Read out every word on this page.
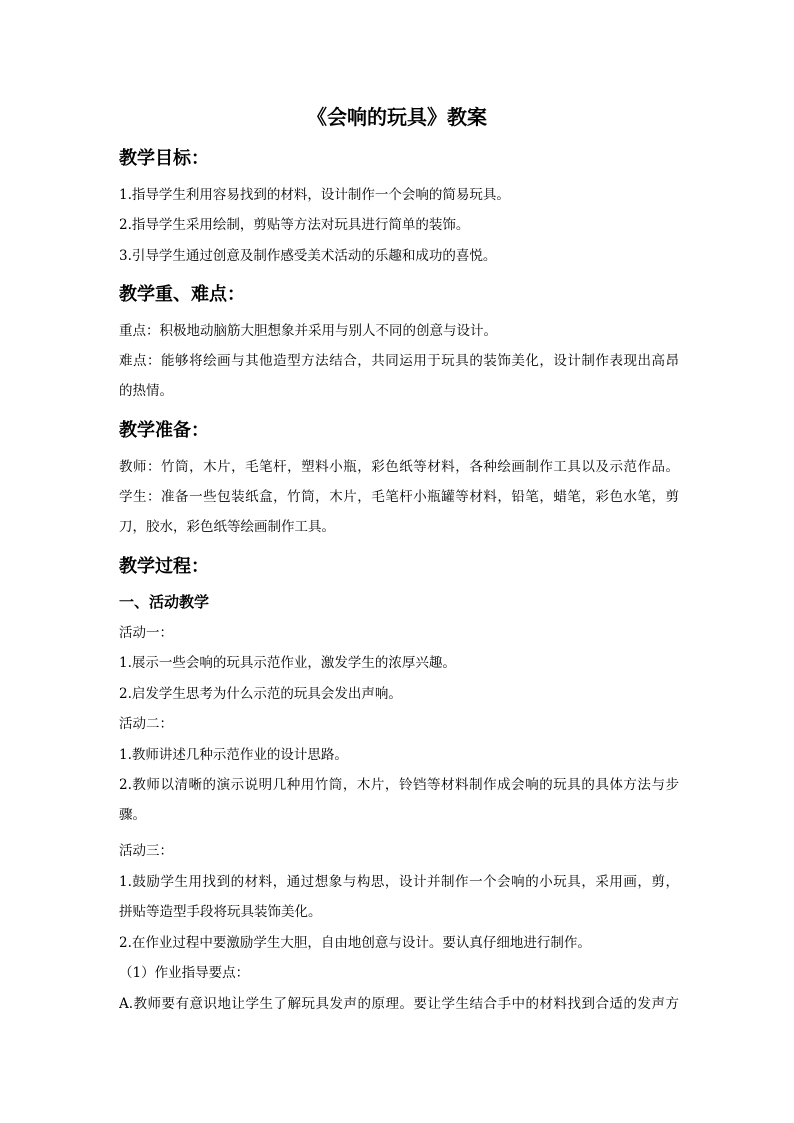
《会响的玩具》教案
教学目标：
1.指导学生利用容易找到的材料，设计制作一个会响的简易玩具。
2.指导学生采用绘制，剪贴等方法对玩具进行简单的装饰。
3.引导学生通过创意及制作感受美术活动的乐趣和成功的喜悦。
教学重、难点：
重点：积极地动脑筋大胆想象并采用与别人不同的创意与设计。
难点：能够将绘画与其他造型方法结合，共同运用于玩具的装饰美化，设计制作表现出高昂
的热情。
教学准备：
教师：竹筒，木片，毛笔杆，塑料小瓶，彩色纸等材料，各种绘画制作工具以及示范作品。
学生：准备一些包装纸盒，竹筒，木片，毛笔杆小瓶罐等材料，铅笔，蜡笔，彩色水笔，剪
刀，胶水，彩色纸等绘画制作工具。
教学过程：
一、活动教学
活动一：
1.展示一些会响的玩具示范作业，激发学生的浓厚兴趣。
2.启发学生思考为什么示范的玩具会发出声响。
活动二：
1.教师讲述几种示范作业的设计思路。
2.教师以清晰的演示说明几种用竹筒，木片，铃铛等材料制作成会响的玩具的具体方法与步
骤。
活动三：
1.鼓励学生用找到的材料，通过想象与构思，设计并制作一个会响的小玩具，采用画，剪，
拼贴等造型手段将玩具装饰美化。
2.在作业过程中要激励学生大胆，自由地创意与设计。要认真仔细地进行制作。
（1）作业指导要点：
A.教师要有意识地让学生了解玩具发声的原理。要让学生结合手中的材料找到合适的发声方
